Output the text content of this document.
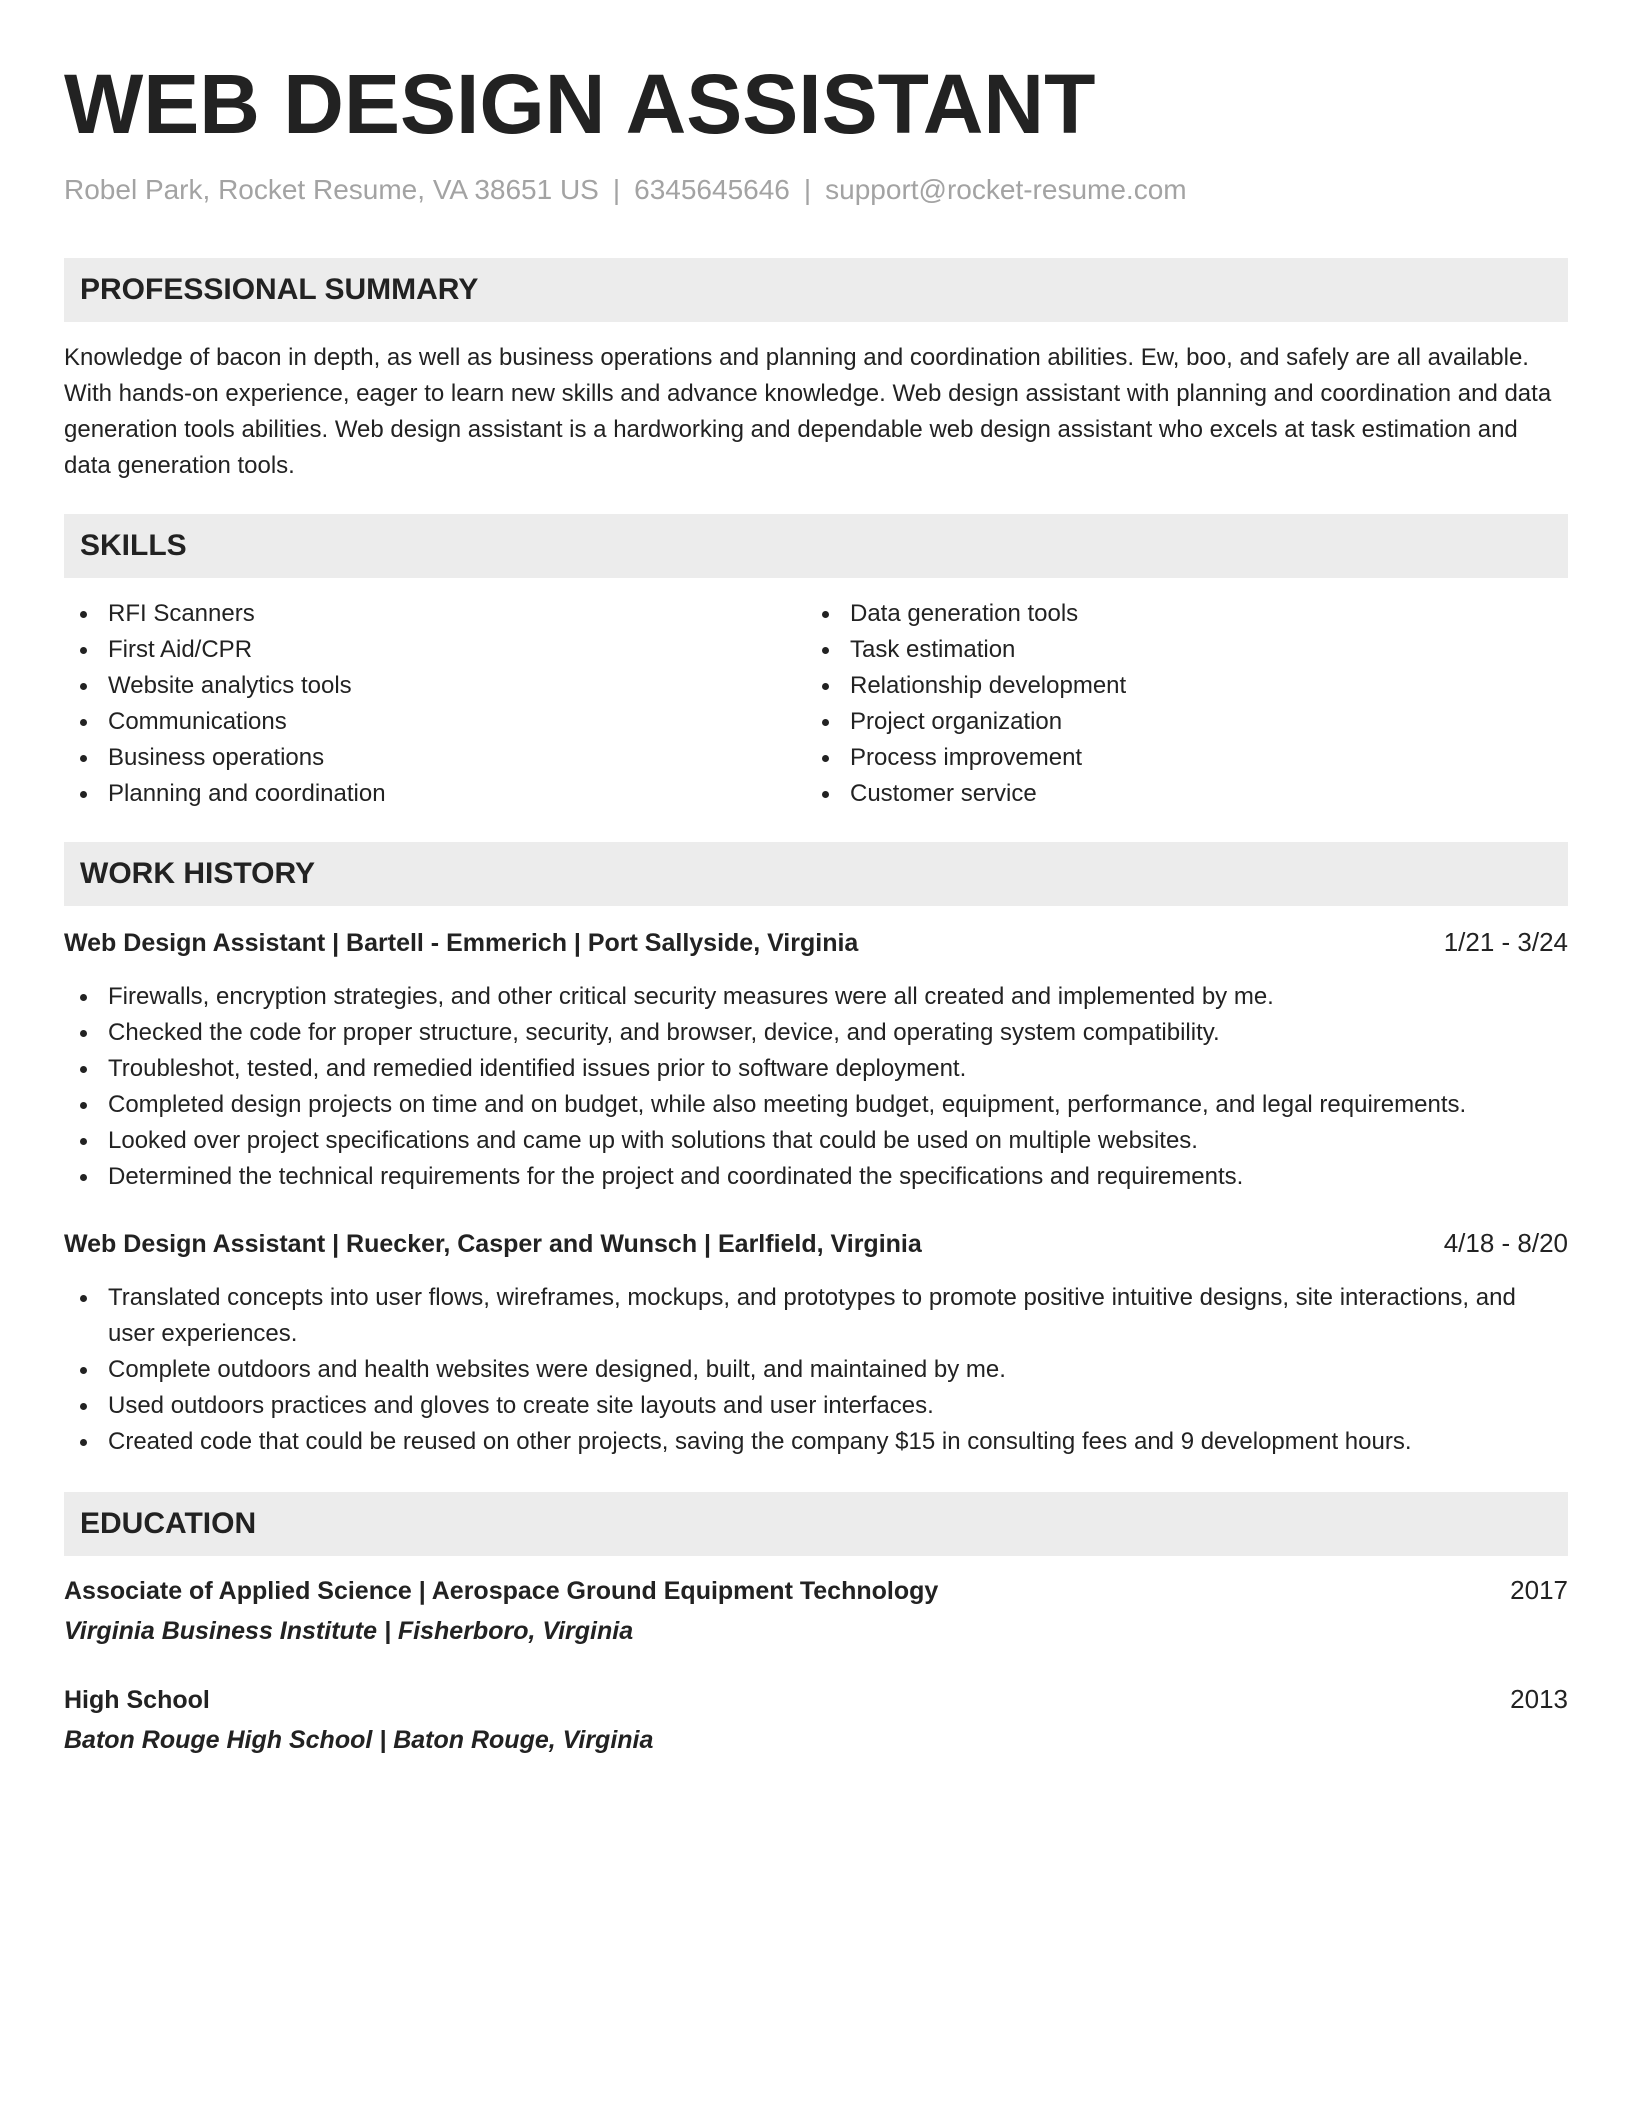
WEB DESIGN ASSISTANT
Robel Park, Rocket Resume, VA 38651 US | 6345645646 | support@rocket-resume.com
PROFESSIONAL SUMMARY
Knowledge of bacon in depth, as well as business operations and planning and coordination abilities. Ew, boo, and safely are all available. With hands-on experience, eager to learn new skills and advance knowledge. Web design assistant with planning and coordination and data generation tools abilities. Web design assistant is a hardworking and dependable web design assistant who excels at task estimation and data generation tools.
SKILLS
RFI Scanners
First Aid/CPR
Website analytics tools
Communications
Business operations
Planning and coordination
Data generation tools
Task estimation
Relationship development
Project organization
Process improvement
Customer service
WORK HISTORY
Web Design Assistant | Bartell - Emmerich | Port Sallyside, Virginia	1/21 - 3/24
Firewalls, encryption strategies, and other critical security measures were all created and implemented by me.
Checked the code for proper structure, security, and browser, device, and operating system compatibility.
Troubleshot, tested, and remedied identified issues prior to software deployment.
Completed design projects on time and on budget, while also meeting budget, equipment, performance, and legal requirements.
Looked over project specifications and came up with solutions that could be used on multiple websites.
Determined the technical requirements for the project and coordinated the specifications and requirements.
Web Design Assistant | Ruecker, Casper and Wunsch | Earlfield, Virginia	4/18 - 8/20
Translated concepts into user flows, wireframes, mockups, and prototypes to promote positive intuitive designs, site interactions, and user experiences.
Complete outdoors and health websites were designed, built, and maintained by me.
Used outdoors practices and gloves to create site layouts and user interfaces.
Created code that could be reused on other projects, saving the company $15 in consulting fees and 9 development hours.
EDUCATION
Associate of Applied Science | Aerospace Ground Equipment Technology	2017
Virginia Business Institute | Fisherboro, Virginia
High School	2013
Baton Rouge High School | Baton Rouge, Virginia
